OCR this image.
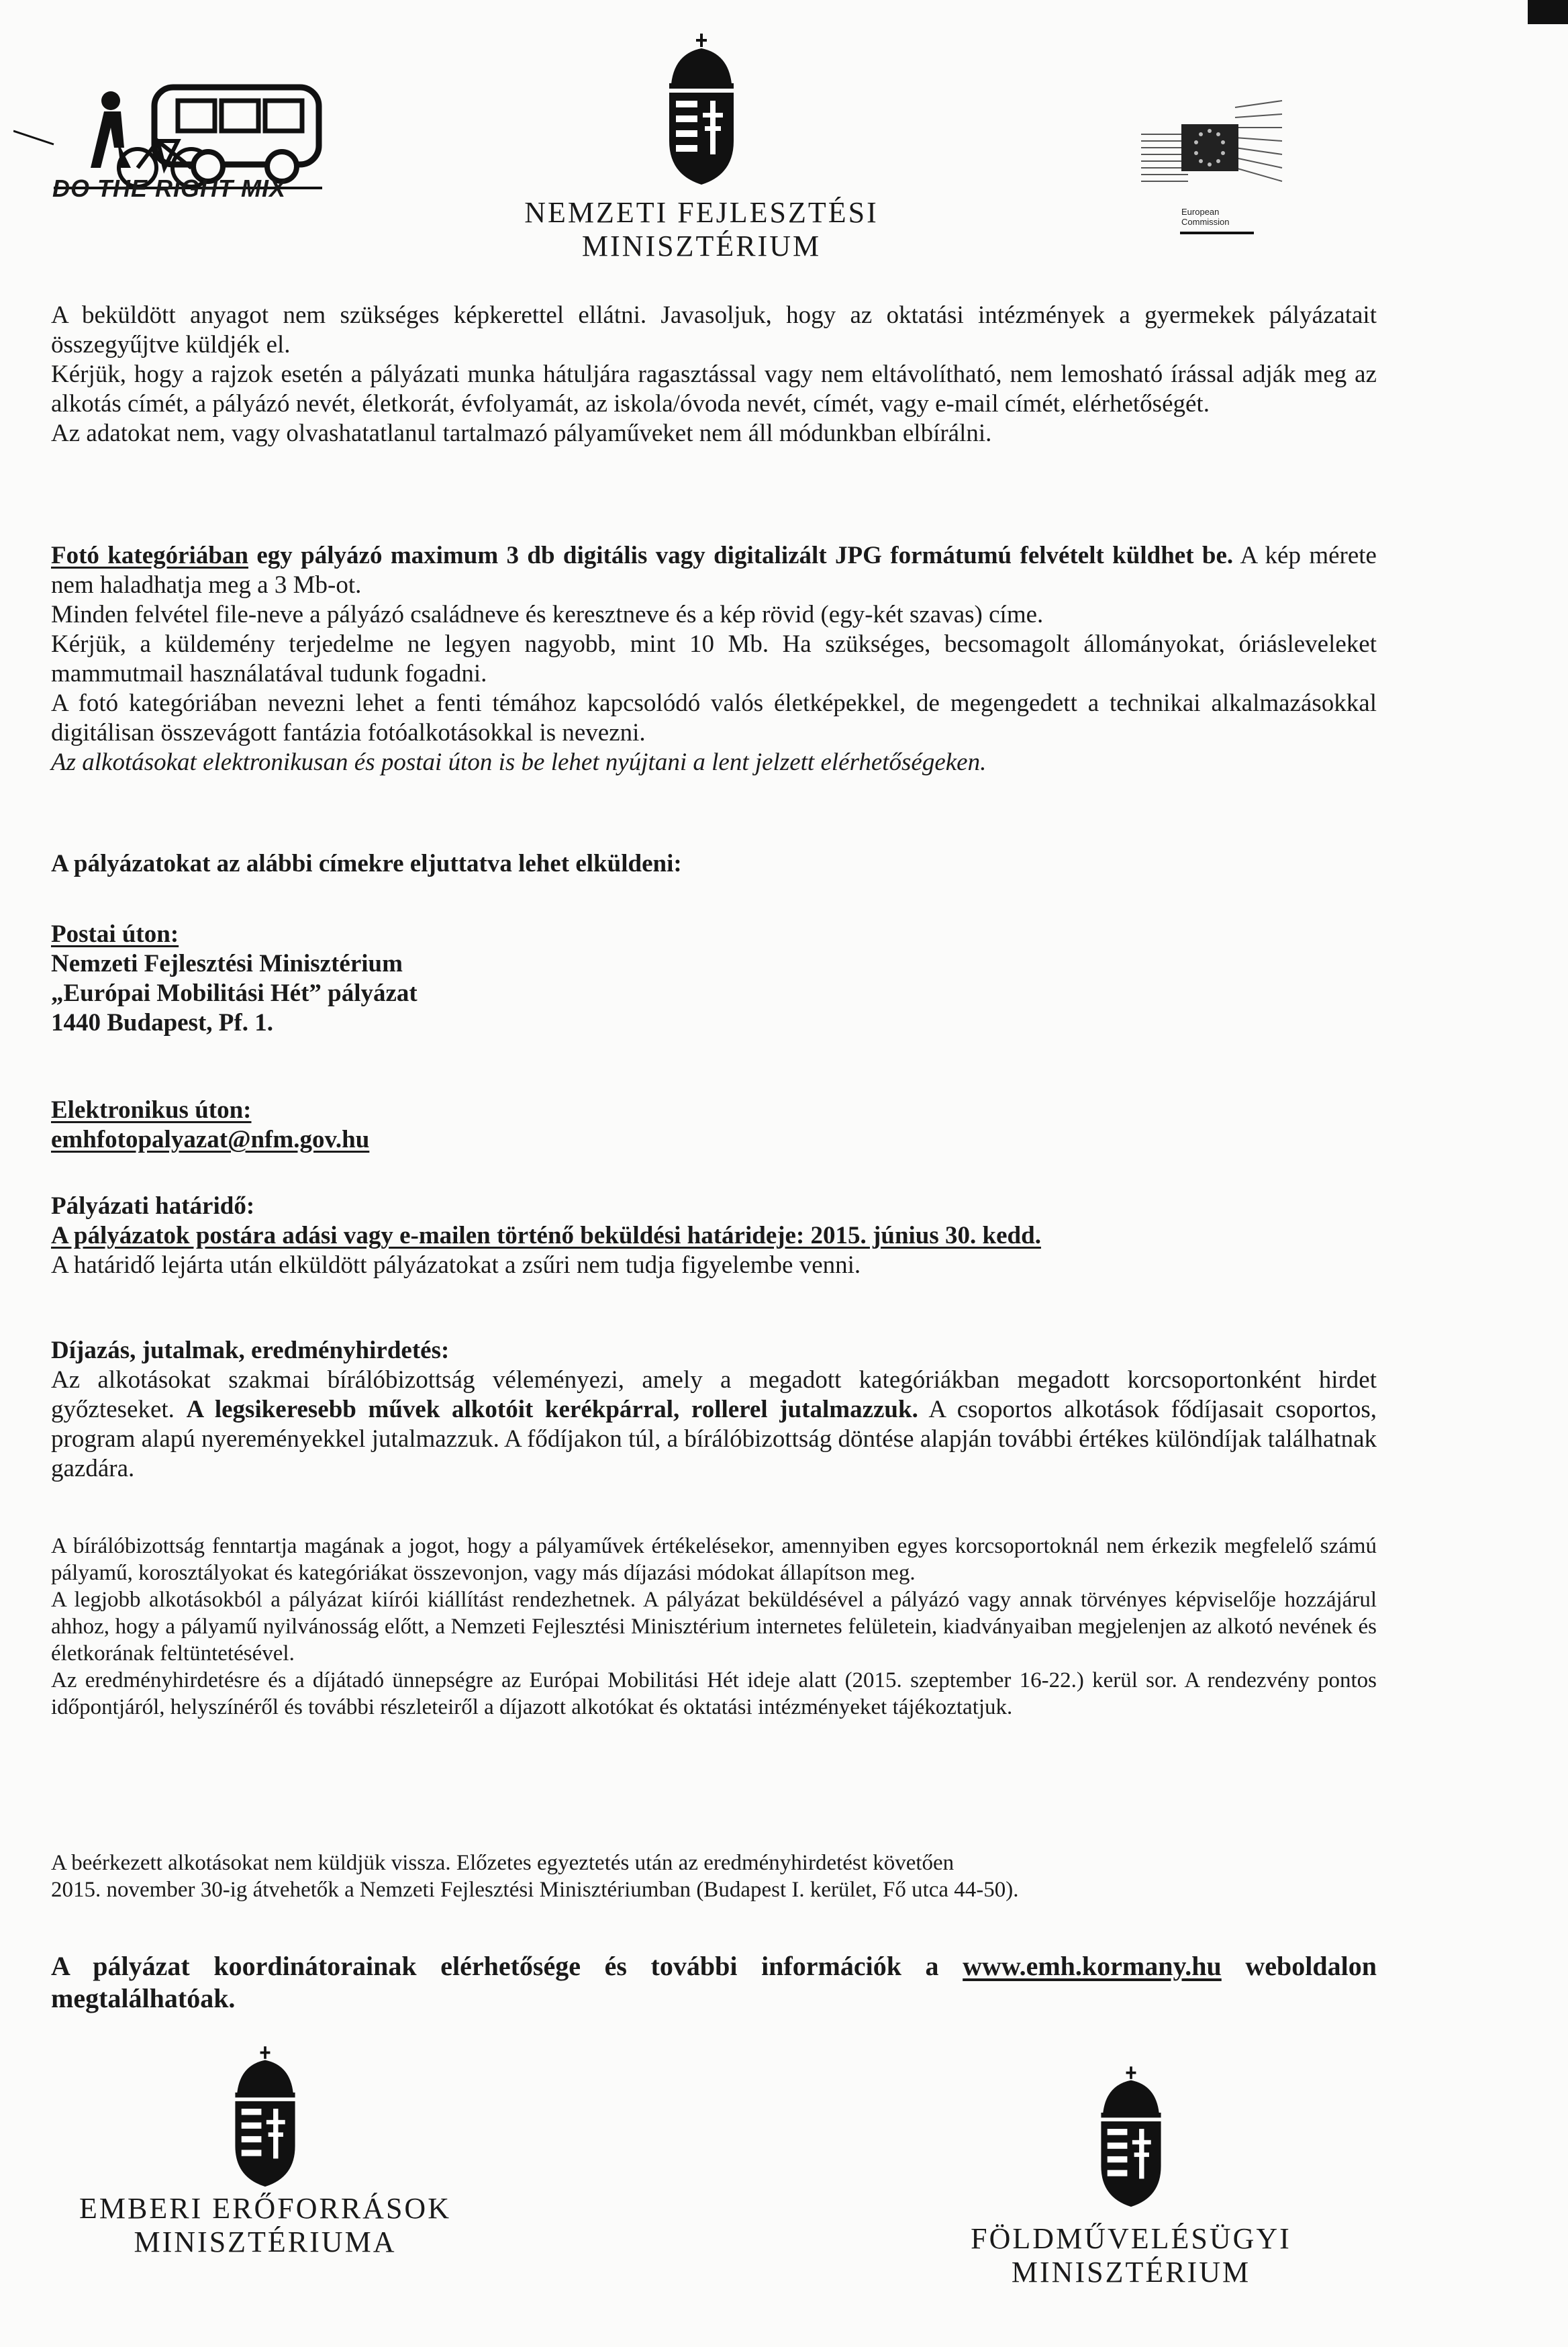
DO THE RIGHT MIX
NEMZETI FEJLESZTÉSI
MINISZTÉRIUM
European
Commission

A beküldött anyagot nem szükséges képkerettel ellátni. Javasoljuk, hogy az oktatási intézmények a gyermekek pályázatait összegyűjtve küldjék el.

Kérjük, hogy a rajzok esetén a pályázati munka hátuljára ragasztással vagy nem eltávolítható, nem lemosható írással adják meg az alkotás címét, a pályázó nevét, életkorát, évfolyamát, az iskola/óvoda nevét, címét, vagy e-mail címét, elérhetőségét.

Az adatokat nem, vagy olvashatatlanul tartalmazó pályaműveket nem áll módunkban elbírálni.

Fotó kategóriában egy pályázó maximum 3 db digitális vagy digitalizált JPG formátumú felvételt küldhet be. A kép mérete nem haladhatja meg a 3 Mb-ot.

Minden felvétel file-neve a pályázó családneve és keresztneve és a kép rövid (egy-két szavas) címe.

Kérjük, a küldemény terjedelme ne legyen nagyobb, mint 10 Mb. Ha szükséges, becsomagolt állományokat, óriásleveleket mammutmail használatával tudunk fogadni.

A fotó kategóriában nevezni lehet a fenti témához kapcsolódó valós életképekkel, de megengedett a technikai alkalmazásokkal digitálisan összevágott fantázia fotóalkotásokkal is nevezni.

Az alkotásokat elektronikusan és postai úton is be lehet nyújtani a lent jelzett elérhetőségeken.

A pályázatokat az alábbi címekre eljuttatva lehet elküldeni:

Postai úton:

Nemzeti Fejlesztési Minisztérium

„Európai Mobilitási Hét” pályázat

1440 Budapest, Pf. 1.

Elektronikus úton:

emhfotopalyazat@nfm.gov.hu

Pályázati határidő:

A pályázatok postára adási vagy e-mailen történő beküldési határideje: 2015. június 30. kedd.

A határidő lejárta után elküldött pályázatokat a zsűri nem tudja figyelembe venni.

Díjazás, jutalmak, eredményhirdetés:

Az alkotásokat szakmai bírálóbizottság véleményezi, amely a megadott kategóriákban megadott korcsoportonként hirdet győzteseket. A legsikeresebb művek alkotóit kerékpárral, rollerel jutalmazzuk. A csoportos alkotások fődíjasait csoportos, program alapú nyereményekkel jutalmazzuk. A fődíjakon túl, a bírálóbizottság döntése alapján további értékes különdíjak találhatnak gazdára.

A bírálóbizottság fenntartja magának a jogot, hogy a pályaművek értékelésekor, amennyiben egyes korcsoportoknál nem érkezik megfelelő számú pályamű, korosztályokat és kategóriákat összevonjon, vagy más díjazási módokat állapítson meg.

A legjobb alkotásokból a pályázat kiírói kiállítást rendezhetnek. A pályázat beküldésével a pályázó vagy annak törvényes képviselője hozzájárul ahhoz, hogy a pályamű nyilvánosság előtt, a Nemzeti Fejlesztési Minisztérium internetes felületein, kiadványaiban megjelenjen az alkotó nevének és életkorának feltüntetésével.

Az eredményhirdetésre és a díjátadó ünnepségre az Európai Mobilitási Hét ideje alatt (2015. szeptember 16-22.) kerül sor. A rendezvény pontos időpontjáról, helyszínéről és további részleteiről a díjazott alkotókat és oktatási intézményeket tájékoztatjuk.

A beérkezett alkotásokat nem küldjük vissza. Előzetes egyeztetés után az eredményhirdetést követően

2015. november 30-ig átvehetők a Nemzeti Fejlesztési Minisztériumban (Budapest I. kerület, Fő utca 44-50).

A pályázat koordinátorainak elérhetősége és további információk a www.emh.kormany.hu weboldalon megtalálhatóak.
EMBERI ERŐFORRÁSOK
MINISZTÉRIUMA	FÖLDMŰVELÉSÜGYI
MINISZTÉRIUM
